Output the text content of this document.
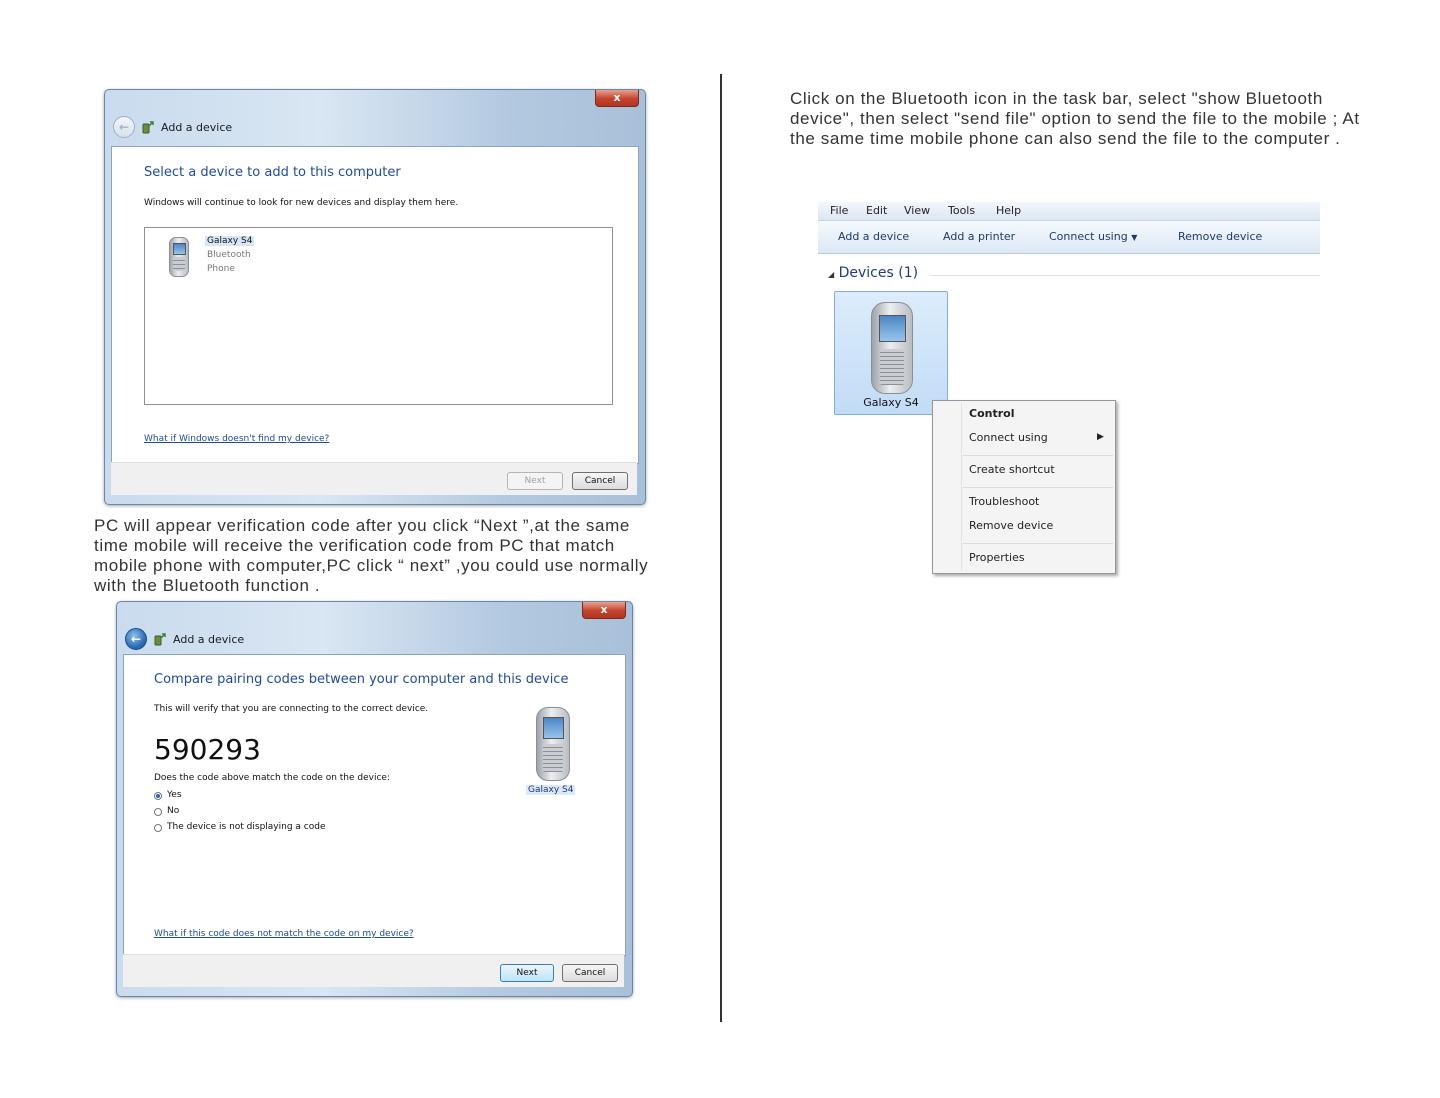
x
←	Add a device
Select a device to add to this computer
Windows will continue to look for new devices and display them here.
Galaxy S4
Bluetooth
Phone
What if Windows doesn't find my device?
Next	Cancel
PC will appear verification code after you click “Next ”,at the same time mobile will receive the verification code from PC that match mobile phone with computer,PC click “ next” ,you could use normally with the Bluetooth function .
x
←	Add a device
Compare pairing codes between your computer and this device
This will verify that you are connecting to the correct device.
590293
Does the code above match the code on the device:
Yes
No
The device is not displaying a code
Galaxy S4
What if this code does not match the code on my device?
Next	Cancel
Click on the Bluetooth icon in the task bar, select "show Bluetooth device", then select "send file" option to send the file to the mobile ; At the same time mobile phone can also send the file to the computer .
File Edit View Tools Help
Add a device	Add a printer	Connect using ▼	Remove device
◢ Devices (1)
Galaxy S4
Control
Connect using	▶
Create shortcut
Troubleshoot
Remove device
Properties
